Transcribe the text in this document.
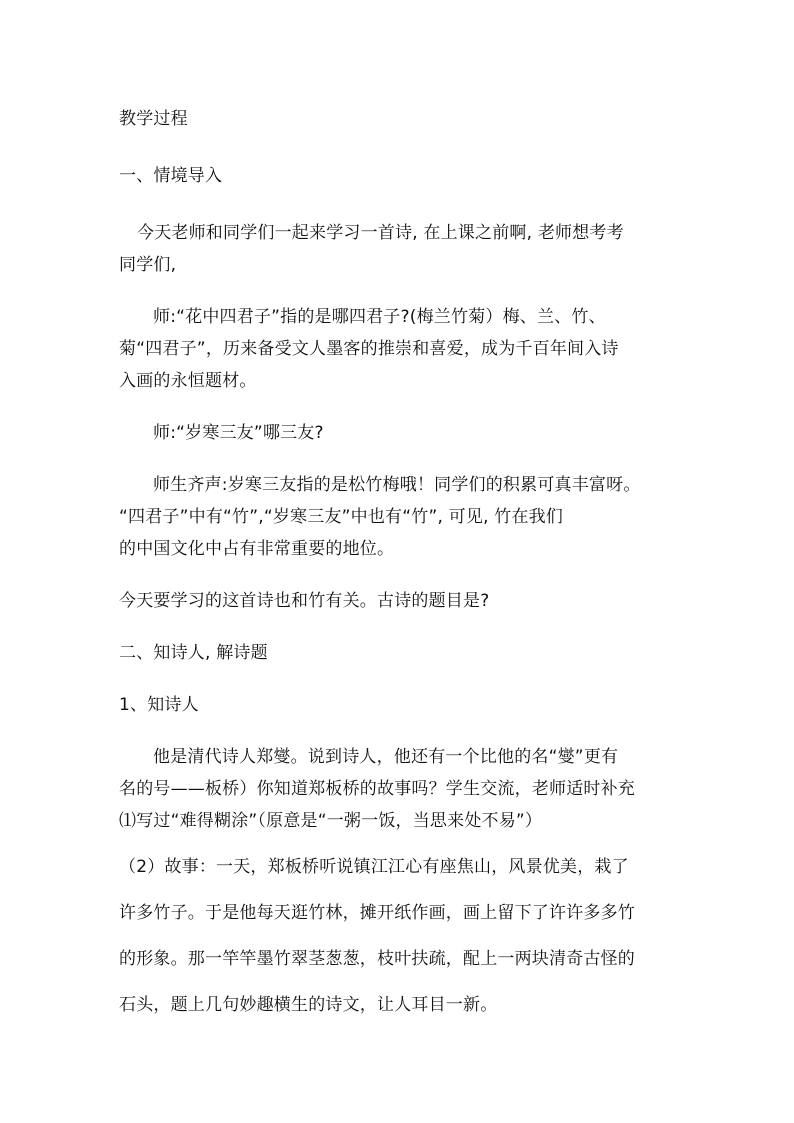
教学过程
一、情境导入
今天老师和同学们一起来学习一首诗, 在上课之前啊, 老师想考考
同学们,
师:“花中四君子”指的是哪四君子?(梅兰竹菊）梅、兰、竹、
菊“四君子”，历来备受文人墨客的推崇和喜爱，成为千百年间入诗
入画的永恒题材。
师:“岁寒三友”哪三友?
师生齐声:岁寒三友指的是松竹梅哦！同学们的积累可真丰富呀。
“四君子”中有“竹”,“岁寒三友”中也有“竹”, 可见, 竹在我们
的中国文化中占有非常重要的地位。
今天要学习的这首诗也和竹有关。古诗的题目是?
二、知诗人, 解诗题
1、知诗人
他是清代诗人郑燮。说到诗人，他还有一个比他的名“燮”更有
名的号——板桥）你知道郑板桥的故事吗？学生交流，老师适时补充
⑴写过“难得糊涂”（原意是“一粥一饭，当思来处不易”）
（2）故事：一天，郑板桥听说镇江江心有座焦山，风景优美，栽了
许多竹子。于是他每天逛竹林，摊开纸作画，画上留下了许许多多竹
的形象。那一竿竿墨竹翠茎葱葱，枝叶扶疏，配上一两块清奇古怪的
石头，题上几句妙趣横生的诗文，让人耳目一新。
